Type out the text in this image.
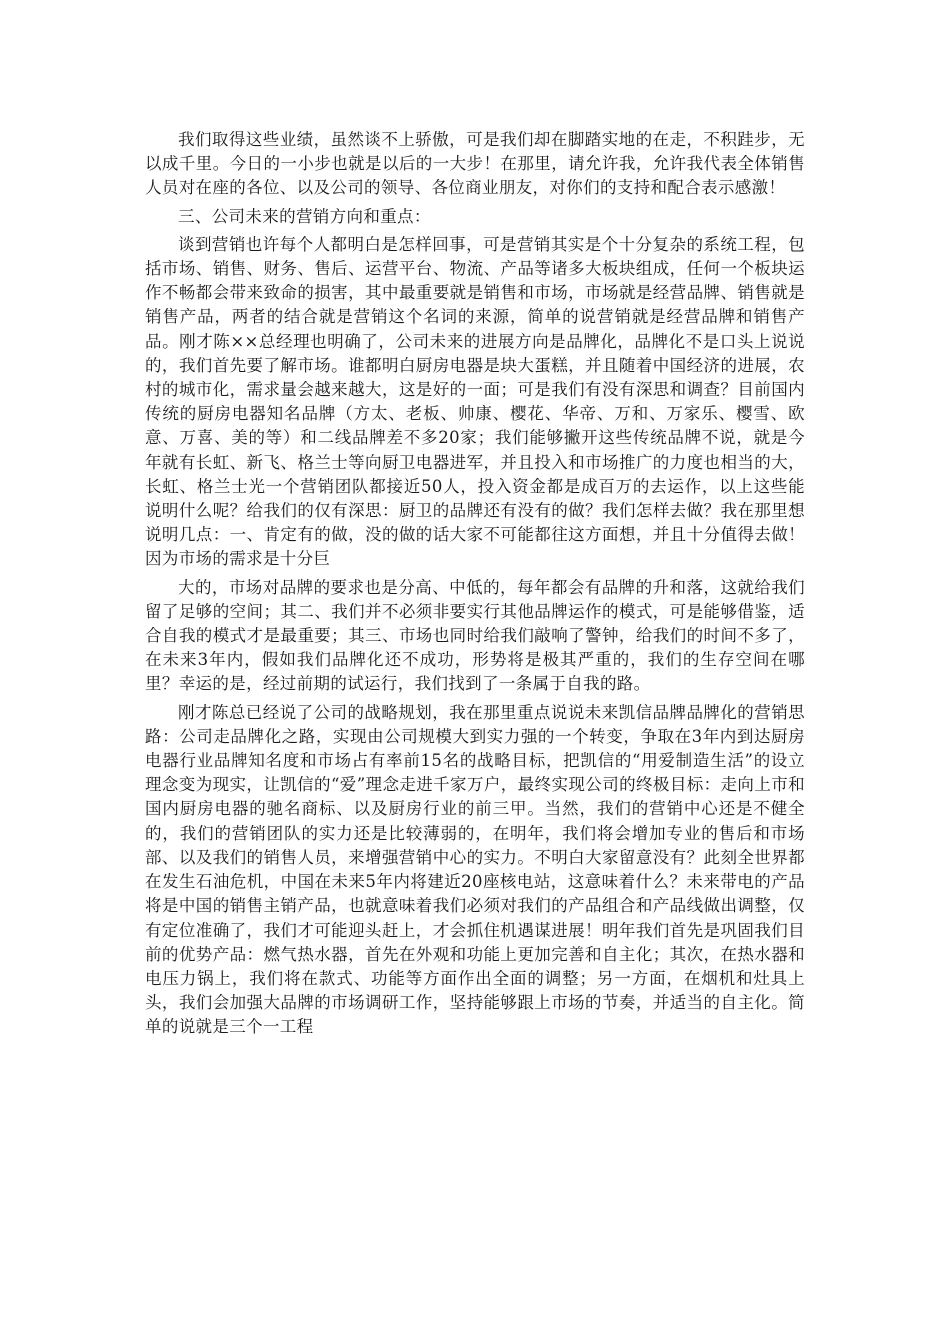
我们取得这些业绩，虽然谈不上骄傲，可是我们却在脚踏实地的在走，不积跬步，无以成千里。今日的一小步也就是以后的一大步！在那里，请允许我，允许我代表全体销售人员对在座的各位、以及公司的领导、各位商业朋友，对你们的支持和配合表示感激！

三、公司未来的营销方向和重点：

谈到营销也许每个人都明白是怎样回事，可是营销其实是个十分复杂的系统工程，包括市场、销售、财务、售后、运营平台、物流、产品等诸多大板块组成，任何一个板块运作不畅都会带来致命的损害，其中最重要就是销售和市场，市场就是经营品牌、销售就是销售产品，两者的结合就是营销这个名词的来源，简单的说营销就是经营品牌和销售产品。刚才陈××总经理也明确了，公司未来的进展方向是品牌化，品牌化不是口头上说说的，我们首先要了解市场。谁都明白厨房电器是块大蛋糕，并且随着中国经济的进展，农村的城市化，需求量会越来越大，这是好的一面；可是我们有没有深思和调查？目前国内传统的厨房电器知名品牌（方太、老板、帅康、樱花、华帝、万和、万家乐、樱雪、欧意、万喜、美的等）和二线品牌差不多20家；我们能够撇开这些传统品牌不说，就是今年就有长虹、新飞、格兰士等向厨卫电器进军，并且投入和市场推广的力度也相当的大，长虹、格兰士光一个营销团队都接近50人，投入资金都是成百万的去运作，以上这些能说明什么呢？给我们的仅有深思：厨卫的品牌还有没有的做？我们怎样去做？我在那里想说明几点：一、肯定有的做，没的做的话大家不可能都往这方面想，并且十分值得去做！因为市场的需求是十分巨

大的，市场对品牌的要求也是分高、中低的，每年都会有品牌的升和落，这就给我们留了足够的空间；其二、我们并不必须非要实行其他品牌运作的模式，可是能够借鉴，适合自我的模式才是最重要；其三、市场也同时给我们敲响了警钟，给我们的时间不多了，在未来3年内，假如我们品牌化还不成功，形势将是极其严重的，我们的生存空间在哪里？幸运的是，经过前期的试运行，我们找到了一条属于自我的路。

刚才陈总已经说了公司的战略规划，我在那里重点说说未来凯信品牌品牌化的营销思路：公司走品牌化之路，实现由公司规模大到实力强的一个转变，争取在3年内到达厨房电器行业品牌知名度和市场占有率前15名的战略目标，把凯信的“用爱制造生活”的设立理念变为现实，让凯信的“爱”理念走进千家万户，最终实现公司的终极目标：走向上市和国内厨房电器的驰名商标、以及厨房行业的前三甲。当然，我们的营销中心还是不健全的，我们的营销团队的实力还是比较薄弱的，在明年，我们将会增加专业的售后和市场部、以及我们的销售人员，来增强营销中心的实力。不明白大家留意没有？此刻全世界都在发生石油危机，中国在未来5年内将建近20座核电站，这意味着什么？未来带电的产品将是中国的销售主销产品，也就意味着我们必须对我们的产品组合和产品线做出调整，仅有定位准确了，我们才可能迎头赶上，才会抓住机遇谋进展！明年我们首先是巩固我们目前的优势产品：燃气热水器，首先在外观和功能上更加完善和自主化；其次，在热水器和电压力锅上，我们将在款式、功能等方面作出全面的调整；另一方面，在烟机和灶具上头，我们会加强大品牌的市场调研工作，坚持能够跟上市场的节奏，并适当的自主化。简单的说就是三个一工程
